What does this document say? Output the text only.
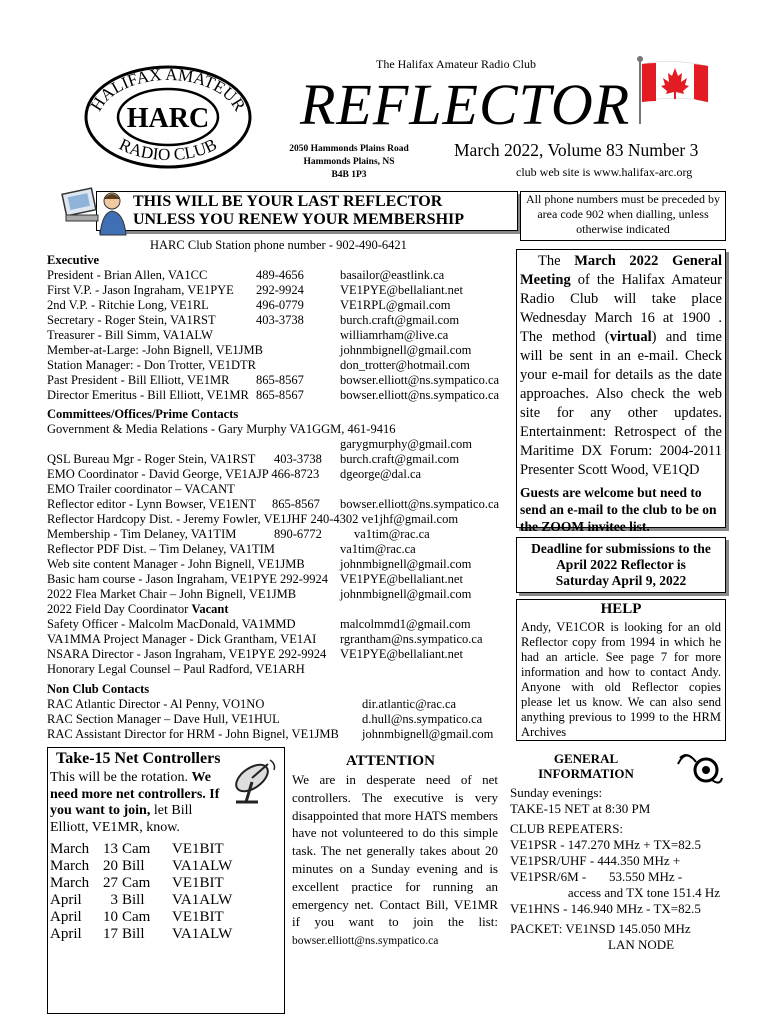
The Halifax Amateur Radio Club
HALIFAX AMATEUR
RADIO CLUB
HARC REFLECTOR
2050 Hammonds Plains Road
Hammonds Plains, NS
B4B 1P3
March 2022, Volume 83 Number 3
club web site is www.halifax-arc.org
THIS WILL BE YOUR LAST REFLECTOR
UNLESS YOU RENEW YOUR MEMBERSHIP
All phone numbers must be preceded by area code 902 when dialling, unless otherwise indicated
HARC Club Station phone number - 902-490-6421
Executive
President - Brian Allen, VA1CC	489-4656	basailor@eastlink.ca
First V.P. - Jason Ingraham, VE1PYE 292-9924	VE1PYE@bellaliant.net
2nd V.P. - Ritchie Long, VE1RL	496-0779	VE1RPL@gmail.com
Secretary - Roger Stein, VA1RST	403-3738	burch.craft@gmail.com
Treasurer - Bill Simm, VA1ALW	williamrham@live.ca
Member-at-Large: -John Bignell, VE1JMB	johnmbignell@gmail.com
Station Manager: - Don Trotter, VE1DTR	don_trotter@hotmail.com
Past President - Bill Elliott, VE1MR 865-8567	bowser.elliott@ns.sympatico.ca
Director Emeritus - Bill Elliott, VE1MR 865-8567	bowser.elliott@ns.sympatico.ca
Committees/Offices/Prime Contacts
Government & Media Relations - Gary Murphy VA1GGM, 461-9416
garygmurphy@gmail.com
QSL Bureau Mgr - Roger Stein, VA1RST 403-3738 burch.craft@gmail.com
EMO Coordinator - David George, VE1AJP 466-8723 dgeorge@dal.ca
EMO Trailer coordinator – VACANT
Reflector editor - Lynn Bowser, VE1ENT 865-8567 bowser.elliott@ns.sympatico.ca
Reflector Hardcopy Dist. - Jeremy Fowler, VE1JHF 240-4302 ve1jhf@gmail.com
Membership - Tim Delaney, VA1TIM	890-6772	va1tim@rac.ca
Reflector PDF Dist. – Tim Delaney, VA1TIM	va1tim@rac.ca
Web site content Manager - John Bignell, VE1JMB	johnmbignell@gmail.com
Basic ham course - Jason Ingraham, VE1PYE 292-9924 VE1PYE@bellaliant.net
2022 Flea Market Chair – John Bignell, VE1JMB	johnmbignell@gmail.com
2022 Field Day Coordinator Vacant
Safety Officer - Malcolm MacDonald, VA1MMD	malcolmmd1@gmail.com
VA1MMA Project Manager - Dick Grantham, VE1AI rgrantham@ns.sympatico.ca
NSARA Director - Jason Ingraham, VE1PYE 292-9924 VE1PYE@bellaliant.net
Honorary Legal Counsel – Paul Radford, VE1ARH
Non Club Contacts
RAC Atlantic Director - Al Penny, VO1NO	dir.atlantic@rac.ca
RAC Section Manager – Dave Hull, VE1HUL	d.hull@ns.sympatico.ca
RAC Assistant Director for HRM - John Bignel, VE1JMB johnmbignell@gmail.com
The March 2022 General Meeting of the Halifax Amateur Radio Club will take place Wednesday March 16 at 1900 . The method (virtual) and time will be sent in an e-mail. Check your e-mail for details as the date approaches. Also check the web site for any other updates. Entertainment: Retrospect of the Maritime DX Forum: 2004-2011 Presenter Scott Wood, VE1QD
Guests are welcome but need to send an e-mail to the club to be on the ZOOM invitee list.
Deadline for submissions to the
April 2022 Reflector is
Saturday April 9, 2022
HELP
Andy, VE1COR is looking for an old Reflector copy from 1994 in which he had an article. See page 7 for more information and how to contact Andy. Anyone with old Reflector copies please let us know. We can also send anything previous to 1999 to the HRM Archives
Take-15 Net Controllers
This will be the rotation. We need more net controllers. If you want to join, let Bill Elliott, VE1MR, know.
March	13	Cam	VE1BIT
March	20	Bill	VA1ALW
March	27	Cam	VE1BIT
April	3	Bill	VA1ALW
April	10	Cam	VE1BIT
April	17	Bill	VA1ALW
ATTENTION
We are in desperate need of net controllers. The executive is very disappointed that more HATS members have not volunteered to do this simple task. The net generally takes about 20 minutes on a Sunday evening and is excellent practice for running an emergency net. Contact Bill, VE1MR if you want to join the list: bowser.elliott@ns.sympatico.ca
GENERAL
INFORMATION
Sunday evenings:
TAKE-15 NET at 8:30 PM
CLUB REPEATERS:
VE1PSR - 147.270 MHz + TX=82.5
VE1PSR/UHF - 444.350 MHz +
VE1PSR/6M -       53.550 MHz -
access and TX tone 151.4 Hz
VE1HNS - 146.940 MHz - TX=82.5
PACKET: VE1NSD 145.050 MHz
LAN NODE
